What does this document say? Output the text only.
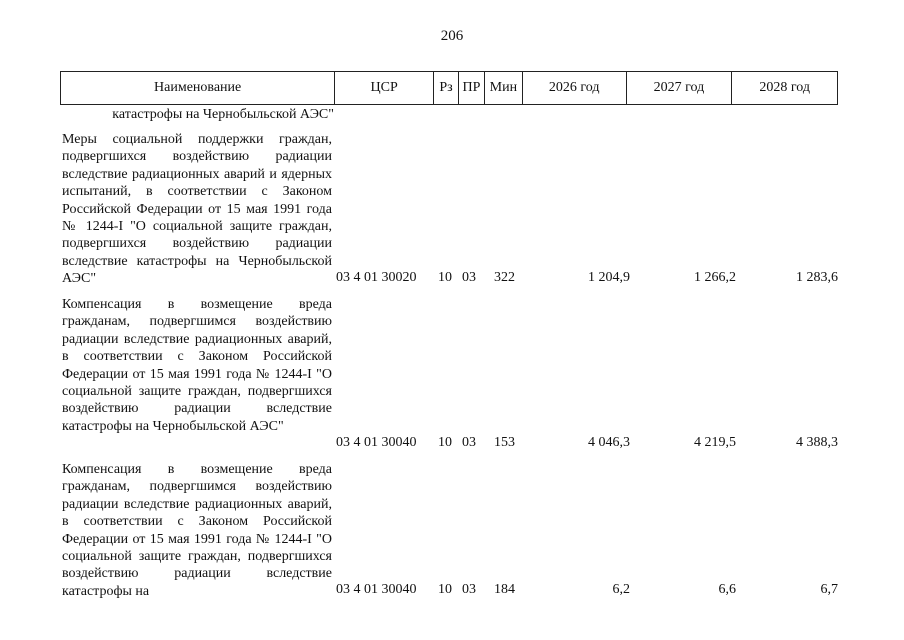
206
Наименование	ЦСР	Рз ПР Мин	2026 год	2027 год	2028 год
катастрофы на Чернобыльской АЭС"
Меры социальной поддержки граждан, подвергшихся воздействию радиации вследствие радиационных аварий и ядерных испытаний, в соответствии с Законом Российской Федерации от 15 мая 1991 года № 1244-I "О социальной защите граждан, подвергшихся воздействию радиации вследствие катастрофы на Чернобыльской АЭС"	03 4 01 30020 10 03 322	1 204,9	1 266,2	1 283,6
Компенсация в возмещение вреда гражданам, подвергшимся воздействию радиации вследствие радиационных аварий, в соответствии с Законом Российской Федерации от 15 мая 1991 года № 1244-I "О социальной защите граждан, подвергшихся воздействию радиации вследствие катастрофы на Чернобыльской АЭС"
03 4 01 30040 10 03 153	4 046,3	4 219,5	4 388,3
Компенсация в возмещение вреда гражданам, подвергшимся воздействию радиации вследствие радиационных аварий, в соответствии с Законом Российской Федерации от 15 мая 1991 года № 1244-I "О социальной защите граждан, подвергшихся воздействию радиации вследствие катастрофы на	03 4 01 30040 10 03 184	6,2	6,6	6,7
